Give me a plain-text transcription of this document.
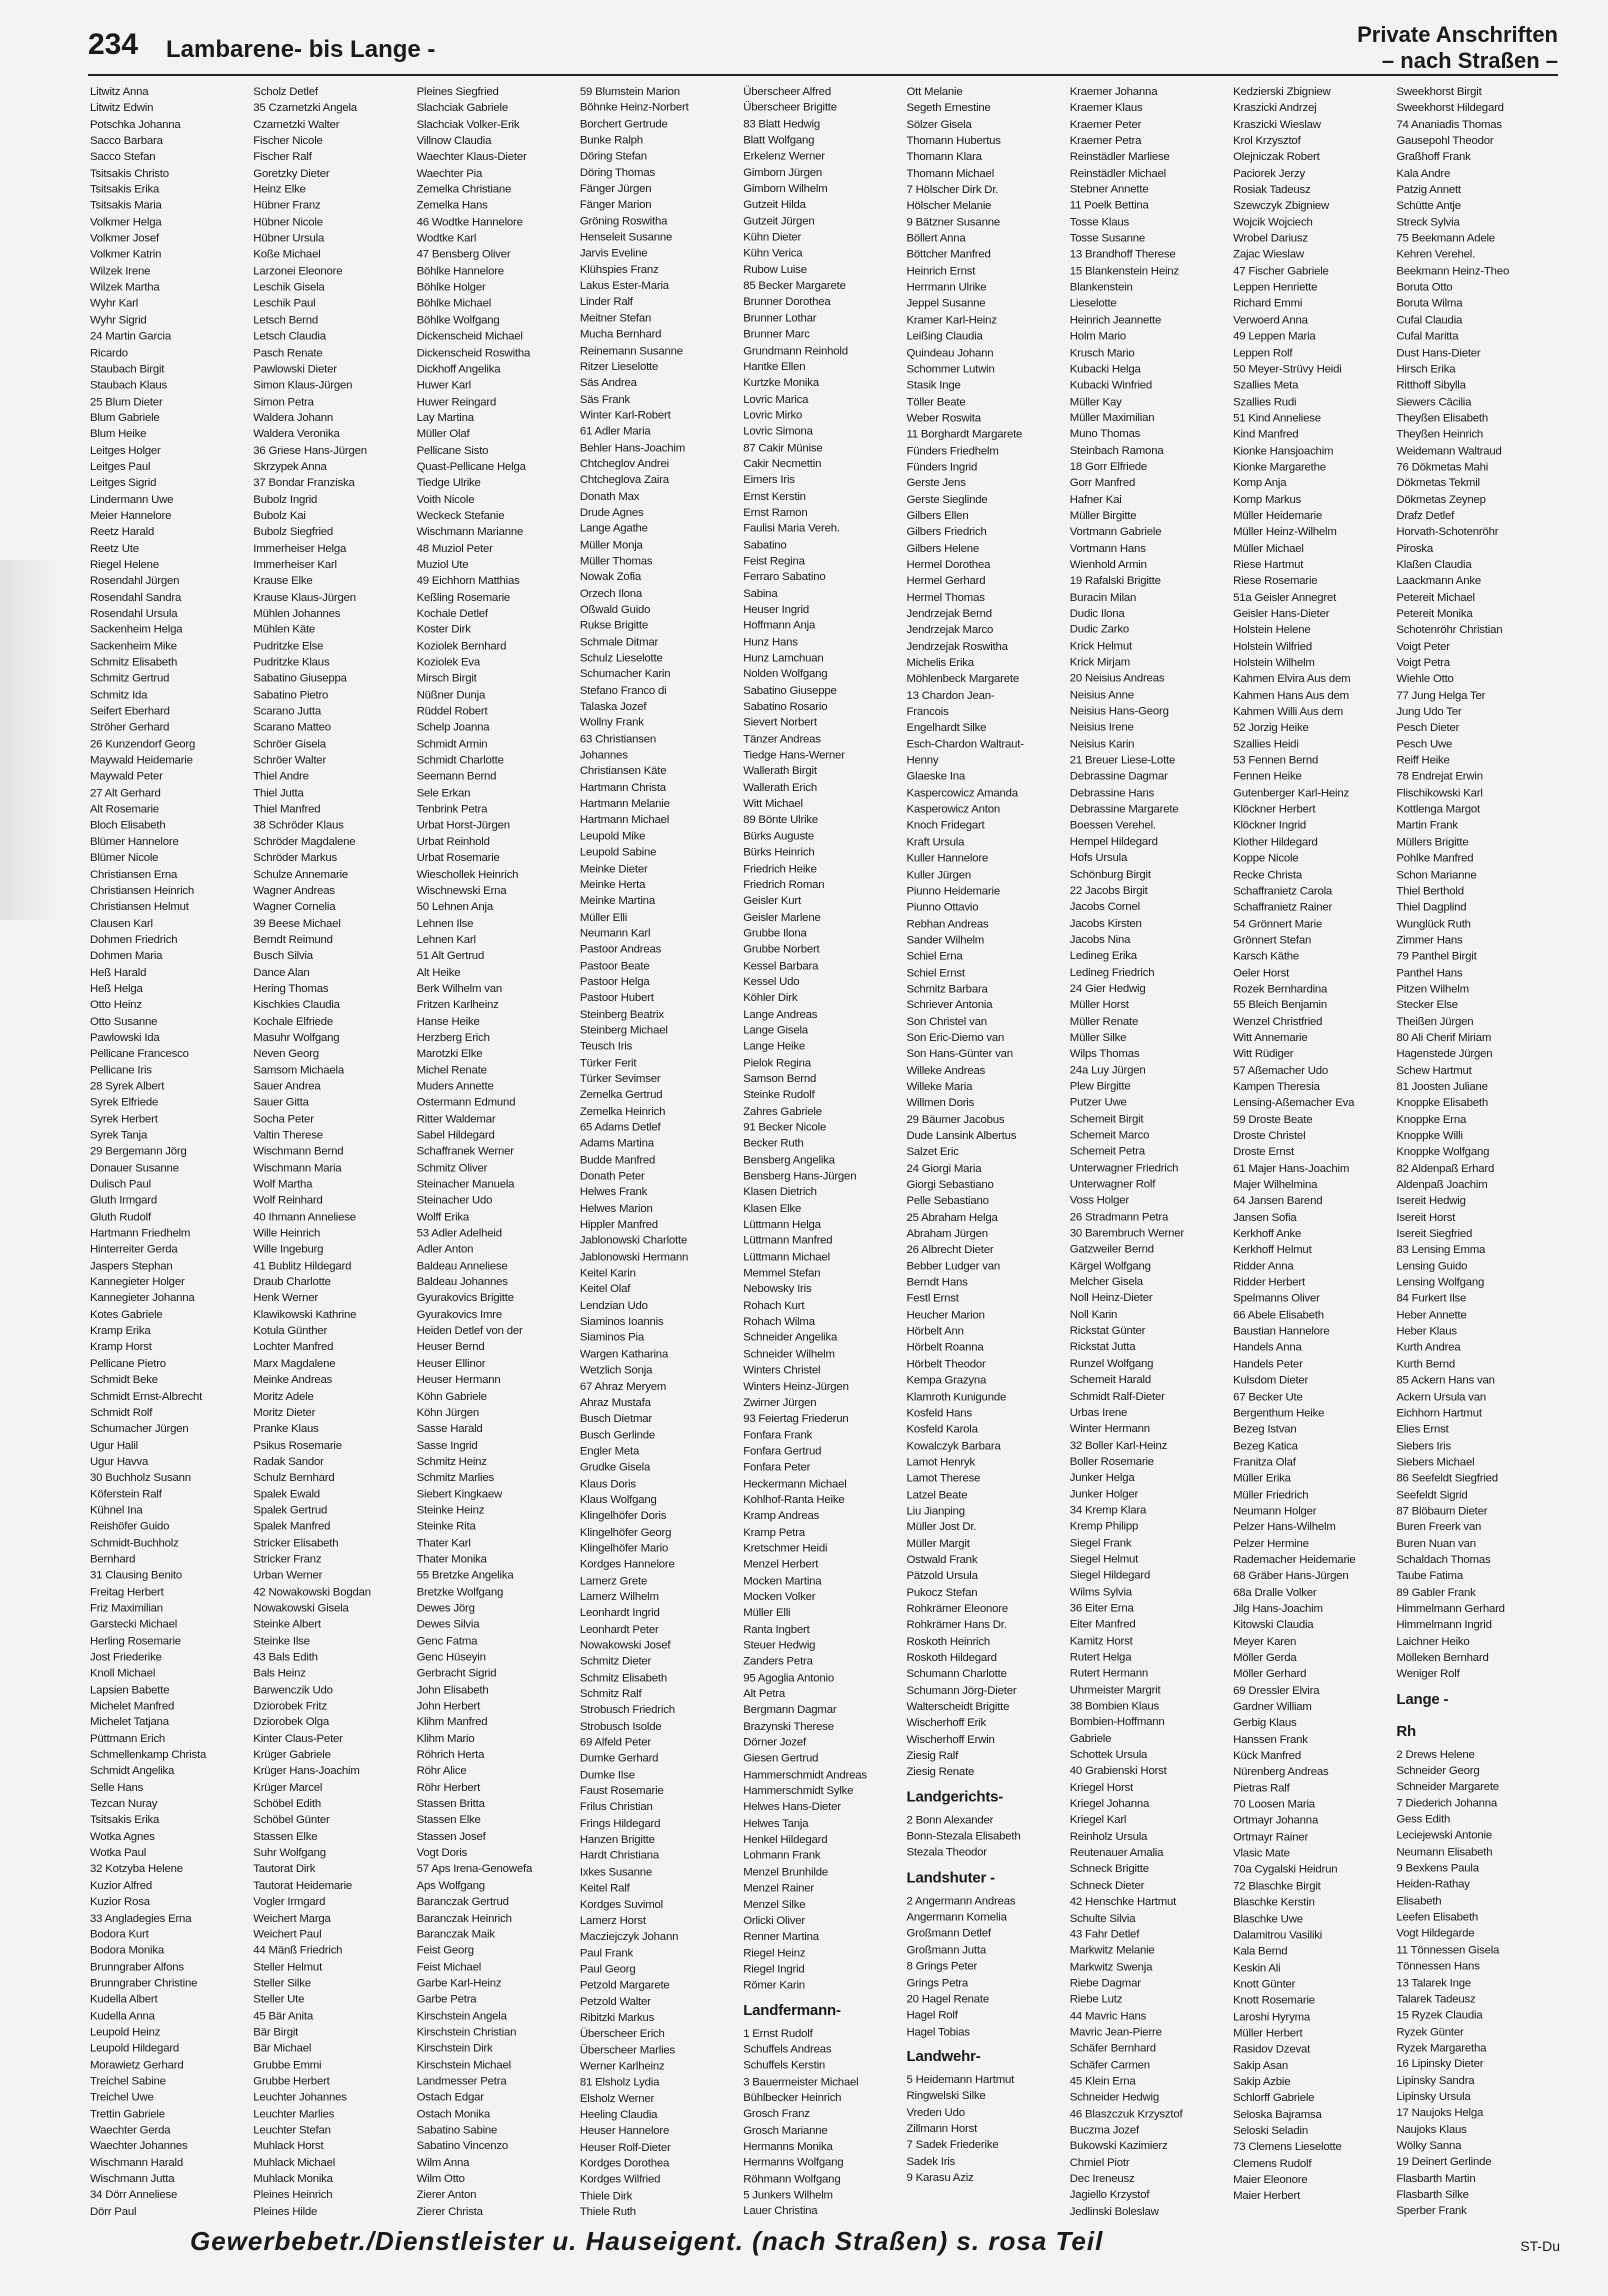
234 Lambarene- bis Lange -
Private Anschriften
– nach Straßen –
Litwitz Anna
Litwitz Edwin
Potschka Johanna
Sacco Barbara
Sacco Stefan
Tsitsakis Christo
Tsitsakis Erika
Tsitsakis Maria
Volkmer Helga
Volkmer Josef
Volkmer Katrin
Wilzek Irene
Wilzek Martha
Wyhr Karl
Wyhr Sigrid
24 Martin Garcia
Ricardo
Staubach Birgit
Staubach Klaus
25 Blum Dieter
Blum Gabriele
Blum Heike
Leitges Holger
Leitges Paul
Leitges Sigrid
Lindermann Uwe
Meier Hannelore
Reetz Harald
Reetz Ute
Riegel Helene
Rosendahl Jürgen
Rosendahl Sandra
Rosendahl Ursula
Sackenheim Helga
Sackenheim Mike
Schmitz Elisabeth
Schmitz Gertrud
Schmitz Ida
Seifert Eberhard
Ströher Gerhard
26 Kunzendorf Georg
Maywald Heidemarie
Maywald Peter
27 Alt Gerhard
Alt Rosemarie
Bloch Elisabeth
Blümer Hannelore
Blümer Nicole
Christiansen Erna
Christiansen Heinrich
Christiansen Helmut
Clausen Karl
Dohmen Friedrich
Dohmen Maria
Heß Harald
Heß Helga
Otto Heinz
Otto Susanne
Pawlowski Ida
Pellicane Francesco
Pellicane Iris
28 Syrek Albert
Syrek Elfriede
Syrek Herbert
Syrek Tanja
29 Bergemann Jörg
Donauer Susanne
Dulisch Paul
Gluth Irmgard
Gluth Rudolf
Hartmann Friedhelm
Hinterreiter Gerda
Jaspers Stephan
Kannegieter Holger
Kannegieter Johanna
Kotes Gabriele
Kramp Erika
Kramp Horst
Pellicane Pietro
Schmidt Beke
Schmidt Ernst-Albrecht
Schmidt Rolf
Schumacher Jürgen
Ugur Halil
Ugur Havva
30 Buchholz Susann
Köferstein Ralf
Kühnel Ina
Reishöfer Guido
Schmidt-Buchholz
Bernhard
31 Clausing Benito
Freitag Herbert
Friz Maximilian
Garstecki Michael
Herling Rosemarie
Jost Friederike
Knoll Michael
Lapsien Babette
Michelet Manfred
Michelet Tatjana
Püttmann Erich
Schmellenkamp Christa
Schmidt Angelika
Selle Hans
Tezcan Nuray
Tsitsakis Erika
Wotka Agnes
Wotka Paul
32 Kotzyba Helene
Kuzior Alfred
Kuzior Rosa
33 Angladegies Erna
Bodora Kurt
Bodora Monika
Brunngraber Alfons
Brunngraber Christine
Kudella Albert
Kudella Anna
Leupold Heinz
Leupold Hildegard
Morawietz Gerhard
Treichel Sabine
Treichel Uwe
Trettin Gabriele
Waechter Gerda
Waechter Johannes
Wischmann Harald
Wischmann Jutta
34 Dörr Anneliese
Dörr Paul
Scholz Detlef
35 Czarnetzki Angela
Czarnetzki Walter
Fischer Nicole
Fischer Ralf
Goretzky Dieter
Heinz Elke
Hübner Franz
Hübner Nicole
Hübner Ursula
Koße Michael
Larzonei Eleonore
Leschik Gisela
Leschik Paul
Letsch Bernd
Letsch Claudia
Pasch Renate
Pawlowski Dieter
Simon Klaus-Jürgen
Simon Petra
Waldera Johann
Waldera Veronika
36 Griese Hans-Jürgen
Skrzypek Anna
37 Bondar Franziska
Bubolz Ingrid
Bubolz Kai
Bubolz Siegfried
Immerheiser Helga
Immerheiser Karl
Krause Elke
Krause Klaus-Jürgen
Mühlen Johannes
Mühlen Käte
Pudritzke Else
Pudritzke Klaus
Sabatino Giuseppa
Sabatino Pietro
Scarano Jutta
Scarano Matteo
Schröer Gisela
Schröer Walter
Thiel Andre
Thiel Jutta
Thiel Manfred
38 Schröder Klaus
Schröder Magdalene
Schröder Markus
Schulze Annemarie
Wagner Andreas
Wagner Cornelia
39 Beese Michael
Berndt Reimund
Busch Silvia
Dance Alan
Hering Thomas
Kischkies Claudia
Kochale Elfriede
Masuhr Wolfgang
Neven Georg
Samsom Michaela
Sauer Andrea
Sauer Gitta
Socha Peter
Valtin Therese
Wischmann Bernd
Wischmann Maria
Wolf Martha
Wolf Reinhard
40 Ihmann Anneliese
Wille Heinrich
Wille Ingeburg
41 Bublitz Hildegard
Draub Charlotte
Henk Werner
Klawikowski Kathrine
Kotula Günther
Lochter Manfred
Marx Magdalene
Meinke Andreas
Moritz Adele
Moritz Dieter
Pranke Klaus
Psikus Rosemarie
Radak Sandor
Schulz Bernhard
Spalek Ewald
Spalek Gertrud
Spalek Manfred
Stricker Elisabeth
Stricker Franz
Urban Werner
42 Nowakowski Bogdan
Nowakowski Gisela
Steinke Albert
Steinke Ilse
43 Bals Edith
Bals Heinz
Barwenczik Udo
Dziorobek Fritz
Dziorobek Olga
Kinter Claus-Peter
Krüger Gabriele
Krüger Hans-Joachim
Krüger Marcel
Schöbel Edith
Schöbel Günter
Stassen Elke
Suhr Wolfgang
Tautorat Dirk
Tautorat Heidemarie
Vogler Irmgard
Weichert Marga
Weichert Paul
44 Mänß Friedrich
Steller Helmut
Steller Silke
Steller Ute
45 Bär Anita
Bär Birgit
Bär Michael
Grubbe Emmi
Grubbe Herbert
Leuchter Johannes
Leuchter Marlies
Leuchter Stefan
Muhlack Horst
Muhlack Michael
Muhlack Monika
Pleines Heinrich
Pleines Hilde
Pleines Siegfried
Slachciak Gabriele
Slachciak Volker-Erik
Villnow Claudia
Waechter Klaus-Dieter
Waechter Pia
Zemelka Christiane
Zemelka Hans
46 Wodtke Hannelore
Wodtke Karl
47 Bensberg Oliver
Böhlke Hannelore
Böhlke Holger
Böhlke Michael
Böhlke Wolfgang
Dickenscheid Michael
Dickenscheid Roswitha
Dickhoff Angelika
Huwer Karl
Huwer Reingard
Lay Martina
Müller Olaf
Pellicane Sisto
Quast-Pellicane Helga
Tiedge Ulrike
Voith Nicole
Weckeck Stefanie
Wischmann Marianne
48 Muziol Peter
Muziol Ute
49 Eichhorn Matthias
Keßling Rosemarie
Kochale Detlef
Koster Dirk
Koziolek Bernhard
Koziolek Eva
Mirsch Birgit
Nüßner Dunja
Rüddel Robert
Schelp Joanna
Schmidt Armin
Schmidt Charlotte
Seemann Bernd
Sele Erkan
Tenbrink Petra
Urbat Horst-Jürgen
Urbat Reinhold
Urbat Rosemarie
Wieschollek Heinrich
Wischnewski Erna
50 Lehnen Anja
Lehnen Ilse
Lehnen Karl
51 Alt Gertrud
Alt Heike
Berk Wilhelm van
Fritzen Karlheinz
Hanse Heike
Herzberg Erich
Marotzki Elke
Michel Renate
Muders Annette
Ostermann Edmund
Ritter Waldemar
Sabel Hildegard
Schaffranek Werner
Schmitz Oliver
Steinacher Manuela
Steinacher Udo
Wolff Erika
53 Adler Adelheid
Adler Anton
Baldeau Anneliese
Baldeau Johannes
Gyurakovics Brigitte
Gyurakovics Imre
Heiden Detlef von der
Heuser Bernd
Heuser Ellinor
Heuser Hermann
Köhn Gabriele
Köhn Jürgen
Sasse Harald
Sasse Ingrid
Schmitz Heinz
Schmitz Marlies
Siebert Kingkaew
Steinke Heinz
Steinke Rita
Thater Karl
Thater Monika
55 Bretzke Angelika
Bretzke Wolfgang
Dewes Jörg
Dewes Silvia
Genc Fatma
Genc Hüseyin
Gerbracht Sigrid
John Elisabeth
John Herbert
Klihm Manfred
Klihm Mario
Röhrich Herta
Röhr Alice
Röhr Herbert
Stassen Britta
Stassen Elke
Stassen Josef
Vogt Doris
57 Aps Irena-Genowefa
Aps Wolfgang
Baranczak Gertrud
Baranczak Heinrich
Baranczak Maik
Feist Georg
Feist Michael
Garbe Karl-Heinz
Garbe Petra
Kirschstein Angela
Kirschstein Christian
Kirschstein Dirk
Kirschstein Michael
Landmesser Petra
Ostach Edgar
Ostach Monika
Sabatino Sabine
Sabatino Vincenzo
Wilm Anna
Wilm Otto
Zierer Anton
Zierer Christa
59 Blumstein Marion
Böhnke Heinz-Norbert
Borchert Gertrude
Bunke Ralph
Döring Stefan
Döring Thomas
Fänger Jürgen
Fänger Marion
Gröning Roswitha
Henseleit Susanne
Jarvis Eveline
Klühspies Franz
Lakus Ester-Maria
Linder Ralf
Meitner Stefan
Mucha Bernhard
Reinemann Susanne
Ritzer Lieselotte
Säs Andrea
Säs Frank
Winter Karl-Robert
61 Adler Maria
Behler Hans-Joachim
Chtcheglov Andrei
Chtcheglova Zaira
Donath Max
Drude Agnes
Lange Agathe
Müller Monja
Müller Thomas
Nowak Zofia
Orzech Ilona
Oßwald Guido
Rukse Brigitte
Schmale Ditmar
Schulz Lieselotte
Schumacher Karin
Stefano Franco di
Talaska Jozef
Wollny Frank
63 Christiansen
Johannes
Christiansen Käte
Hartmann Christa
Hartmann Melanie
Hartmann Michael
Leupold Mike
Leupold Sabine
Meinke Dieter
Meinke Herta
Meinke Martina
Müller Elli
Neumann Karl
Pastoor Andreas
Pastoor Beate
Pastoor Helga
Pastoor Hubert
Steinberg Beatrix
Steinberg Michael
Teusch Iris
Türker Ferit
Türker Sevimser
Zemelka Gertrud
Zemelka Heinrich
65 Adams Detlef
Adams Martina
Budde Manfred
Donath Peter
Helwes Frank
Helwes Marion
Hippler Manfred
Jablonowski Charlotte
Jablonowski Hermann
Keitel Karin
Keitel Olaf
Lendzian Udo
Siaminos Ioannis
Siaminos Pia
Wargen Katharina
Wetzlich Sonja
67 Ahraz Meryem
Ahraz Mustafa
Busch Dietmar
Busch Gerlinde
Engler Meta
Grudke Gisela
Klaus Doris
Klaus Wolfgang
Klingelhöfer Doris
Klingelhöfer Georg
Klingelhöfer Mario
Kordges Hannelore
Lamerz Grete
Lamerz Wilhelm
Leonhardt Ingrid
Leonhardt Peter
Nowakowski Josef
Schmitz Dieter
Schmitz Elisabeth
Schmitz Ralf
Strobusch Friedrich
Strobusch Isolde
69 Alfeld Peter
Dumke Gerhard
Dumke Ilse
Faust Rosemarie
Frilus Christian
Frings Hildegard
Hanzen Brigitte
Hardt Christiana
Ixkes Susanne
Keitel Ralf
Kordges Suvimol
Lamerz Horst
Macziejczyk Johann
Paul Frank
Paul Georg
Petzold Margarete
Petzold Walter
Ribitzki Markus
Überscheer Erich
Überscheer Marlies
Werner Karlheinz
81 Elsholz Lydia
Elsholz Werner
Heeling Claudia
Heuser Hannelore
Heuser Rolf-Dieter
Kordges Dorothea
Kordges Wilfried
Thiele Dirk
Thiele Ruth
Überscheer Alfred
Überscheer Brigitte
83 Blatt Hedwig
Blatt Wolfgang
Erkelenz Werner
Gimborn Jürgen
Gimborn Wilhelm
Gutzeit Hilda
Gutzeit Jürgen
Kühn Dieter
Kühn Verica
Rubow Luise
85 Becker Margarete
Brunner Dorothea
Brunner Lothar
Brunner Marc
Grundmann Reinhold
Hantke Ellen
Kurtzke Monika
Lovric Marica
Lovric Mirko
Lovric Simona
87 Cakir Münise
Cakir Necmettin
Eimers Iris
Ernst Kerstin
Ernst Ramon
Faulisi Maria Vereh.
Sabatino
Feist Regina
Ferraro Sabatino
Sabina
Heuser Ingrid
Hoffmann Anja
Hunz Hans
Hunz Lamchuan
Nolden Wolfgang
Sabatino Giuseppe
Sabatino Rosario
Sievert Norbert
Tänzer Andreas
Tiedge Hans-Werner
Wallerath Birgit
Wallerath Erich
Witt Michael
89 Bönte Ulrike
Bürks Auguste
Bürks Heinrich
Friedrich Heike
Friedrich Roman
Geisler Kurt
Geisler Marlene
Grubbe Ilona
Grubbe Norbert
Kessel Barbara
Kessel Udo
Köhler Dirk
Lange Andreas
Lange Gisela
Lange Heike
Pielok Regina
Samson Bernd
Steinke Rudolf
Zahres Gabriele
91 Becker Nicole
Becker Ruth
Bensberg Angelika
Bensberg Hans-Jürgen
Klasen Dietrich
Klasen Elke
Lüttmann Helga
Lüttmann Manfred
Lüttmann Michael
Memmel Stefan
Nebowsky Iris
Rohach Kurt
Rohach Wilma
Schneider Angelika
Schneider Wilhelm
Winters Christel
Winters Heinz-Jürgen
Zwirner Jürgen
93 Feiertag Friederun
Fonfara Frank
Fonfara Gertrud
Fonfara Peter
Heckermann Michael
Kohlhof-Ranta Heike
Kramp Andreas
Kramp Petra
Kretschmer Heidi
Menzel Herbert
Mocken Martina
Mocken Volker
Müller Elli
Ranta Ingbert
Steuer Hedwig
Zanders Petra
95 Agoglia Antonio
Alt Petra
Bergmann Dagmar
Brazynski Therese
Dörner Jozef
Giesen Gertrud
Hammerschmidt Andreas
Hammerschmidt Sylke
Helwes Hans-Dieter
Helwes Tanja
Henkel Hildegard
Lohmann Frank
Menzel Brunhilde
Menzel Rainer
Menzel Silke
Orlicki Oliver
Renner Martina
Riegel Heinz
Riegel Ingrid
Römer Karin
Landfermann-
1 Ernst Rudolf
Schuffels Andreas
Schuffels Kerstin
3 Bauermeister Michael
Bühlbecker Heinrich
Grosch Franz
Grosch Marianne
Hermanns Monika
Hermanns Wolfgang
Röhmann Wolfgang
5 Junkers Wilhelm
Lauer Christina
Ott Melanie
Segeth Ernestine
Sölzer Gisela
Thomann Hubertus
Thomann Klara
Thomann Michael
7 Hölscher Dirk Dr.
Hölscher Melanie
9 Bätzner Susanne
Böllert Anna
Böttcher Manfred
Heinrich Ernst
Herrmann Ulrike
Jeppel Susanne
Kramer Karl-Heinz
Leißing Claudia
Quindeau Johann
Schommer Lutwin
Stasik Inge
Töller Beate
Weber Roswita
11 Borghardt Margarete
Fünders Friedhelm
Fünders Ingrid
Gerste Jens
Gerste Sieglinde
Gilbers Ellen
Gilbers Friedrich
Gilbers Helene
Hermel Dorothea
Hermel Gerhard
Hermel Thomas
Jendrzejak Bernd
Jendrzejak Marco
Jendrzejak Roswitha
Michelis Erika
Möhlenbeck Margarete
13 Chardon Jean-
Francois
Engelhardt Silke
Esch-Chardon Waltraut-
Henny
Glaeske Ina
Kaspercowicz Amanda
Kasperowicz Anton
Knoch Fridegart
Kraft Ursula
Kuller Hannelore
Kuller Jürgen
Piunno Heidemarie
Piunno Ottavio
Rebhan Andreas
Sander Wilhelm
Schiel Erna
Schiel Ernst
Schmitz Barbara
Schriever Antonia
Son Christel van
Son Eric-Diemo van
Son Hans-Günter van
Willeke Andreas
Willeke Maria
Willmen Doris
29 Bäumer Jacobus
Dude Lansink Albertus
Salzet Eric
24 Giorgi Maria
Giorgi Sebastiano
Pelle Sebastiano
25 Abraham Helga
Abraham Jürgen
26 Albrecht Dieter
Bebber Ludger van
Berndt Hans
Festl Ernst
Heucher Marion
Hörbelt Ann
Hörbelt Roanna
Hörbelt Theodor
Kempa Grazyna
Klamroth Kunigunde
Kosfeld Hans
Kosfeld Karola
Kowalczyk Barbara
Lamot Henryk
Lamot Therese
Latzel Beate
Liu Jianping
Müller Jost Dr.
Müller Margit
Ostwald Frank
Pätzold Ursula
Pukocz Stefan
Rohkrämer Eleonore
Rohkrämer Hans Dr.
Roskoth Heinrich
Roskoth Hildegard
Schumann Charlotte
Schumann Jörg-Dieter
Walterscheidt Brigitte
Wischerhoff Erik
Wischerhoff Erwin
Ziesig Ralf
Ziesig Renate
Landgerichts-
2 Bonn Alexander
Bonn-Stezala Elisabeth
Stezala Theodor
Landshuter -
2 Angermann Andreas
Angermann Kornelia
Großmann Detlef
Großmann Jutta
8 Grings Peter
Grings Petra
20 Hagel Renate
Hagel Rolf
Hagel Tobias
Landwehr-
5 Heidemann Hartmut
Ringwelski Silke
Vreden Udo
Zillmann Horst
7 Sadek Friederike
Sadek Iris
9 Karasu Aziz
Kraemer Johanna
Kraemer Klaus
Kraemer Peter
Kraemer Petra
Reinstädler Marliese
Reinstädler Michael
Stebner Annette
11 Poelk Bettina
Tosse Klaus
Tosse Susanne
13 Brandhoff Therese
15 Blankenstein Heinz
Blankenstein
Lieselotte
Heinrich Jeannette
Holm Mario
Krusch Mario
Kubacki Helga
Kubacki Winfried
Müller Kay
Müller Maximilian
Muno Thomas
Steinbach Ramona
18 Gorr Elfriede
Gorr Manfred
Hafner Kai
Müller Birgitte
Vortmann Gabriele
Vortmann Hans
Wienhold Armin
19 Rafalski Brigitte
Buracin Milan
Dudic Ilona
Dudic Zarko
Krick Helmut
Krick Mirjam
20 Neisius Andreas
Neisius Anne
Neisius Hans-Georg
Neisius Irene
Neisius Karin
21 Breuer Liese-Lotte
Debrassine Dagmar
Debrassine Hans
Debrassine Margarete
Boessen Verehel.
Hempel Hildegard
Hofs Ursula
Schönburg Birgit
22 Jacobs Birgit
Jacobs Cornel
Jacobs Kirsten
Jacobs Nina
Ledineg Erika
Ledineg Friedrich
24 Gier Hedwig
Müller Horst
Müller Renate
Müller Silke
Wilps Thomas
24a Luy Jürgen
Plew Birgitte
Putzer Uwe
Schemeit Birgit
Schemeit Marco
Schemeit Petra
Unterwagner Friedrich
Unterwagner Rolf
Voss Holger
26 Stradmann Petra
30 Barembruch Werner
Gatzweiler Bernd
Kärgel Wolfgang
Melcher Gisela
Noll Heinz-Dieter
Noll Karin
Rickstat Günter
Rickstat Jutta
Runzel Wolfgang
Schemeit Harald
Schmidt Ralf-Dieter
Urbas Irene
Winter Hermann
32 Boller Karl-Heinz
Boller Rosemarie
Junker Helga
Junker Holger
34 Kremp Klara
Kremp Philipp
Siegel Frank
Siegel Helmut
Siegel Hildegard
Wilms Sylvia
36 Eiter Erna
Eiter Manfred
Kamitz Horst
Rutert Helga
Rutert Hermann
Uhrmeister Margrit
38 Bombien Klaus
Bombien-Hoffmann
Gabriele
Schottek Ursula
40 Grabienski Horst
Kriegel Horst
Kriegel Johanna
Kriegel Karl
Reinholz Ursula
Reutenauer Amalia
Schneck Brigitte
Schneck Dieter
42 Henschke Hartmut
Schulte Silvia
43 Fahr Detlef
Markwitz Melanie
Markwitz Swenja
Riebe Dagmar
Riebe Lutz
44 Mavric Hans
Mavric Jean-Pierre
Schäfer Bernhard
Schäfer Carmen
45 Klein Erna
Schneider Hedwig
46 Blaszczuk Krzysztof
Buczma Jozef
Bukowski Kazimierz
Chmiel Piotr
Dec Ireneusz
Jagiello Krzystof
Jedlinski Boleslaw
Kedzierski Zbigniew
Kraszicki Andrzej
Kraszicki Wieslaw
Krol Krzysztof
Olejniczak Robert
Paciorek Jerzy
Rosiak Tadeusz
Szewczyk Zbigniew
Wojcik Wojciech
Wrobel Dariusz
Zajac Wieslaw
47 Fischer Gabriele
Leppen Henriette
Richard Emmi
Verwoerd Anna
49 Leppen Maria
Leppen Rolf
50 Meyer-Strüvy Heidi
Szallies Meta
Szallies Rudi
51 Kind Anneliese
Kind Manfred
Kionke Hansjoachim
Kionke Margarethe
Komp Anja
Komp Markus
Müller Heidemarie
Müller Heinz-Wilhelm
Müller Michael
Riese Hartmut
Riese Rosemarie
51a Geisler Annegret
Geisler Hans-Dieter
Holstein Helene
Holstein Wilfried
Holstein Wilhelm
Kahmen Elvira Aus dem
Kahmen Hans Aus dem
Kahmen Willi Aus dem
52 Jorzig Heike
Szallies Heidi
53 Fennen Bernd
Fennen Heike
Gutenberger Karl-Heinz
Klöckner Herbert
Klöckner Ingrid
Klother Hildegard
Koppe Nicole
Recke Christa
Schaffranietz Carola
Schaffranietz Rainer
54 Grönnert Marie
Grönnert Stefan
Karsch Käthe
Oeler Horst
Rozek Bernhardina
55 Bleich Benjamin
Wenzel Christfried
Witt Annemarie
Witt Rüdiger
57 Aßemacher Udo
Kampen Theresia
Lensing-Aßemacher Eva
59 Droste Beate
Droste Christel
Droste Ernst
61 Majer Hans-Joachim
Majer Wilhelmina
64 Jansen Barend
Jansen Sofia
Kerkhoff Anke
Kerkhoff Helmut
Ridder Anna
Ridder Herbert
Spelmanns Oliver
66 Abele Elisabeth
Baustian Hannelore
Handels Anna
Handels Peter
Kulsdom Dieter
67 Becker Ute
Bergenthum Heike
Bezeg Istvan
Bezeg Katica
Franitza Olaf
Müller Erika
Müller Friedrich
Neumann Holger
Pelzer Hans-Wilhelm
Pelzer Hermine
Rademacher Heidemarie
68 Gräber Hans-Jürgen
68a Dralle Volker
Jilg Hans-Joachim
Kitowski Claudia
Meyer Karen
Möller Gerda
Möller Gerhard
69 Dressler Elvira
Gardner William
Gerbig Klaus
Hanssen Frank
Kück Manfred
Nürenberg Andreas
Pietras Ralf
70 Loosen Maria
Ortmayr Johanna
Ortmayr Rainer
Vlasic Mate
70a Cygalski Heidrun
72 Blaschke Birgit
Blaschke Kerstin
Blaschke Uwe
Dalamitrou Vasiliki
Kala Bernd
Keskin Ali
Knott Günter
Knott Rosemarie
Laroshi Hyryma
Müller Herbert
Rasidov Dzevat
Sakip Asan
Sakip Azbie
Schlorff Gabriele
Seloska Bajramsa
Seloski Seladin
73 Clemens Lieselotte
Clemens Rudolf
Maier Eleonore
Maier Herbert
Sweekhorst Birgit
Sweekhorst Hildegard
74 Ananiadis Thomas
Gausepohl Theodor
Graßhoff Frank
Kala Andre
Patzig Annett
Schütte Antje
Streck Sylvia
75 Beekmann Adele
Kehren Verehel.
Beekmann Heinz-Theo
Boruta Otto
Boruta Wilma
Cufal Claudia
Cufal Maritta
Dust Hans-Dieter
Hirsch Erika
Ritthoff Sibylla
Siewers Cäcilia
Theyßen Elisabeth
Theyßen Heinrich
Weidemann Waltraud
76 Dökmetas Mahi
Dökmetas Tekmil
Dökmetas Zeynep
Drafz Detlef
Horvath-Schotenröhr
Piroska
Klaßen Claudia
Laackmann Anke
Petereit Michael
Petereit Monika
Schotenröhr Christian
Voigt Peter
Voigt Petra
Wiehle Otto
77 Jung Helga Ter
Jung Udo Ter
Pesch Dieter
Pesch Uwe
Reiff Heike
78 Endrejat Erwin
Flischikowski Karl
Kottlenga Margot
Martin Frank
Müllers Brigitte
Pohlke Manfred
Schon Marianne
Thiel Berthold
Thiel Dagplind
Wunglück Ruth
Zimmer Hans
79 Panthel Birgit
Panthel Hans
Pitzen Wilhelm
Stecker Else
Theißen Jürgen
80 Ali Cherif Miriam
Hagenstede Jürgen
Schew Hartmut
81 Joosten Juliane
Knoppke Elisabeth
Knoppke Erna
Knoppke Willi
Knoppke Wolfgang
82 Aldenpaß Erhard
Aldenpaß Joachim
Isereit Hedwig
Isereit Horst
Isereit Siegfried
83 Lensing Emma
Lensing Guido
Lensing Wolfgang
84 Furkert Ilse
Heber Annette
Heber Klaus
Kurth Andrea
Kurth Bernd
85 Ackern Hans van
Ackern Ursula van
Eichhorn Hartmut
Elies Ernst
Siebers Iris
Siebers Michael
86 Seefeldt Siegfried
Seefeldt Sigrid
87 Blöbaum Dieter
Buren Freerk van
Buren Nuan van
Schaldach Thomas
Taube Fatima
89 Gabler Frank
Himmelmann Gerhard
Himmelmann Ingrid
Laichner Heiko
Mölleken Bernhard
Weniger Rolf
Lange -
Rh
2 Drews Helene
Schneider Georg
Schneider Margarete
7 Diederich Johanna
Gess Edith
Leciejewski Antonie
Neumann Elisabeth
9 Bexkens Paula
Heiden-Rathay
Elisabeth
Leefen Elisabeth
Vogt Hildegarde
11 Tönnessen Gisela
Tönnessen Hans
13 Talarek Inge
Talarek Tadeusz
15 Ryzek Claudia
Ryzek Günter
Ryzek Margaretha
16 Lipinsky Dieter
Lipinsky Sandra
Lipinsky Ursula
17 Naujoks Helga
Naujoks Klaus
Wölky Sanna
19 Deinert Gerlinde
Flasbarth Martin
Flasbarth Silke
Sperber Frank
Gewerbebetr./Dienstleister u. Hauseigent. (nach Straßen) s. rosa Teil	ST-Du
